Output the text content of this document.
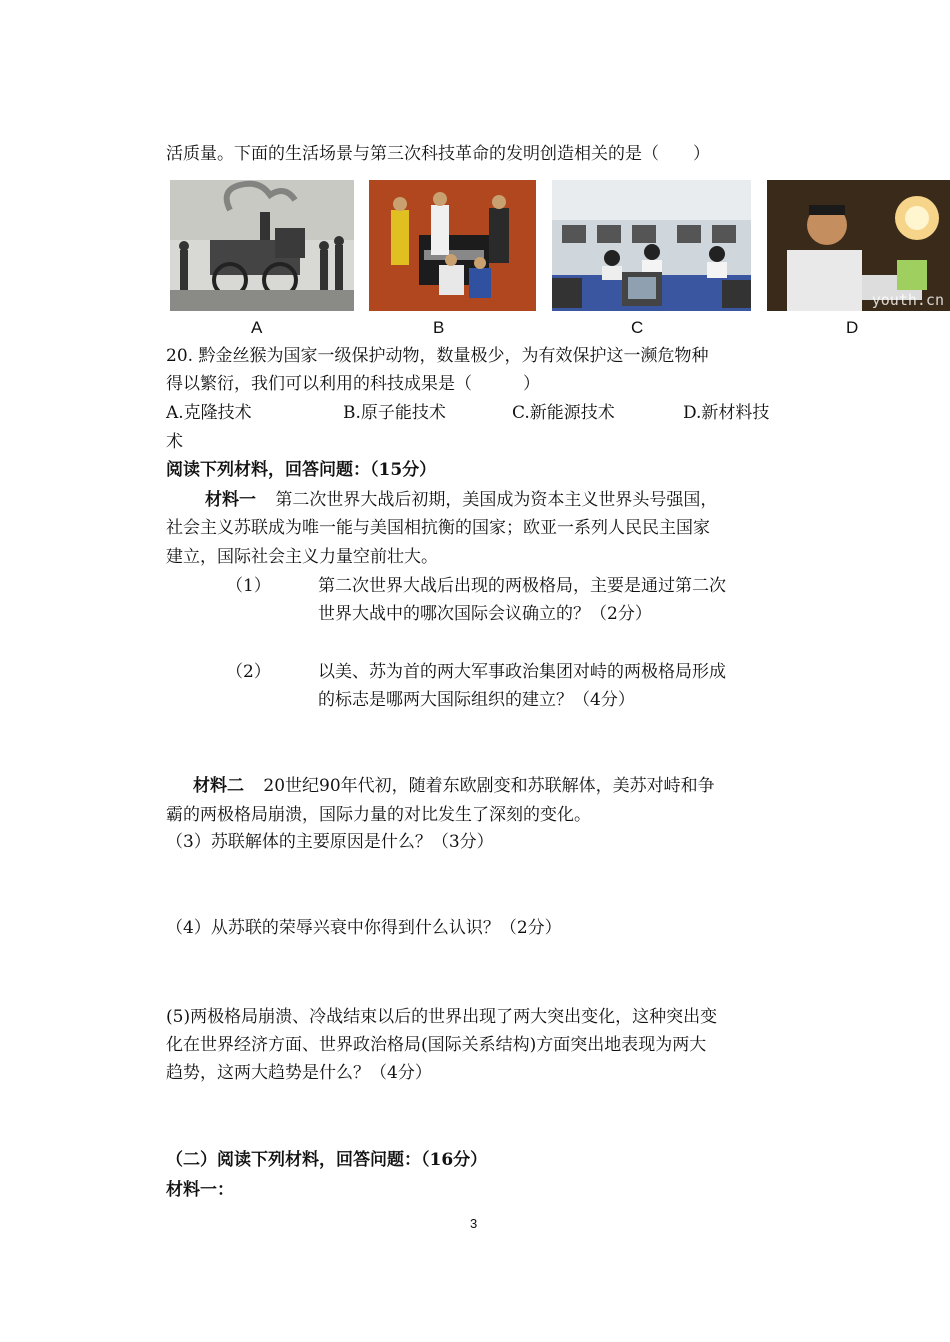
活质量。下面的生活场景与第三次科技革命的发明创造相关的是（　　）
youth.cn
A	B	C	D
20. 黔金丝猴为国家一级保护动物，数量极少，为有效保护这一濒危物种
得以繁衍，我们可以利用的科技成果是（　　　）
A.克隆技术	B.原子能技术	C.新能源技术	D.新材料技
术
阅读下列材料，回答问题：（15分）
材料一 第二次世界大战后初期，美国成为资本主义世界头号强国，
社会主义苏联成为唯一能与美国相抗衡的国家；欧亚一系列人民民主国家
建立，国际社会主义力量空前壮大。
（1）	第二次世界大战后出现的两极格局，主要是通过第二次
世界大战中的哪次国际会议确立的？（2分）
（2）	以美、苏为首的两大军事政治集团对峙的两极格局形成
的标志是哪两大国际组织的建立？（4分）
材料二 20世纪90年代初，随着东欧剧变和苏联解体，美苏对峙和争
霸的两极格局崩溃，国际力量的对比发生了深刻的变化。
（3）苏联解体的主要原因是什么？（3分）
（4）从苏联的荣辱兴衰中你得到什么认识？（2分）
(5)两极格局崩溃、冷战结束以后的世界出现了两大突出变化，这种突出变
化在世界经济方面、世界政治格局(国际关系结构)方面突出地表现为两大
趋势，这两大趋势是什么？（4分）
（二）阅读下列材料，回答问题：（16分）
材料一：
3
